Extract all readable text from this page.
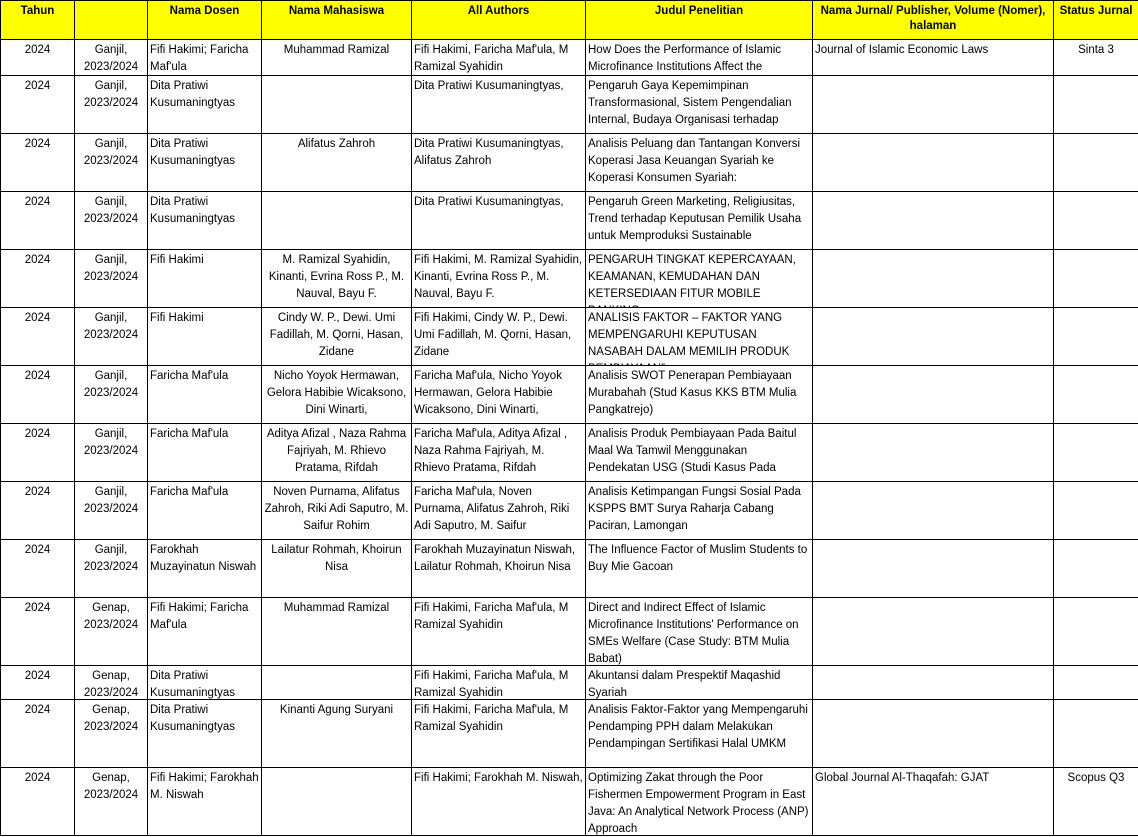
Tahun		Nama Dosen	Nama Mahasiswa	All Authors	Judul Penelitian	Nama Jurnal/ Publisher, Volume (Nomer), halaman	Status Jurnal

2024	Ganjil, 2023/2024	Fifi Hakimi; Faricha Maf'ula	Muhammad Ramizal	Fifi Hakimi, Faricha Maf'ula, M Ramizal Syahidin	How Does the Performance of Islamic Microfinance Institutions Affect the	Journal of Islamic Economic Laws	Sinta 3

2024	Ganjil, 2023/2024	Dita Pratiwi Kusumaningtyas		Dita Pratiwi Kusumaningtyas,	Pengaruh Gaya Kepemimpinan Transformasional, Sistem Pengendalian Internal, Budaya Organisasi terhadap		

2024	Ganjil, 2023/2024	Dita Pratiwi Kusumaningtyas	Alifatus Zahroh	Dita Pratiwi Kusumaningtyas, Alifatus Zahroh	Analisis Peluang dan Tantangan Konversi Koperasi Jasa Keuangan Syariah ke Koperasi Konsumen Syariah:		

2024	Ganjil, 2023/2024	Dita Pratiwi Kusumaningtyas		Dita Pratiwi Kusumaningtyas,	Pengaruh Green Marketing, Religiusitas, Trend terhadap Keputusan Pemilik Usaha untuk Memproduksi Sustainable		

2024	Ganjil, 2023/2024	Fifi Hakimi	M. Ramizal Syahidin, Kinanti, Evrina Ross P., M. Nauval, Bayu F.	Fifi Hakimi, M. Ramizal Syahidin, Kinanti, Evrina Ross P., M. Nauval, Bayu F.	PENGARUH TINGKAT KEPERCAYAAN, KEAMANAN, KEMUDAHAN DAN KETERSEDIAAN FITUR MOBILE		

2024	Ganjil, 2023/2024	Fifi Hakimi	Cindy W. P., Dewi. Umi Fadillah, M. Qorni, Hasan, Zidane	Fifi Hakimi, Cindy W. P., Dewi. Umi Fadillah, M. Qorni, Hasan, Zidane	ANALISIS FAKTOR – FAKTOR YANG MEMPENGARUHI KEPUTUSAN NASABAH DALAM MEMILIH PRODUK		

2024	Ganjil, 2023/2024	Faricha Maf'ula	Nicho Yoyok Hermawan, Gelora Habibie Wicaksono, Dini Winarti,	Faricha Maf'ula, Nicho Yoyok Hermawan, Gelora Habibie Wicaksono, Dini Winarti,	Analisis SWOT Penerapan Pembiayaan Murabahah (Stud Kasus KKS BTM Mulia Pangkatrejo)		

2024	Ganjil, 2023/2024	Faricha Maf'ula	Aditya Afizal , Naza Rahma Fajriyah, M. Rhievo Pratama, Rifdah	Faricha Maf'ula, Aditya Afizal , Naza Rahma Fajriyah, M. Rhievo Pratama, Rifdah	Analisis Produk Pembiayaan Pada Baitul Maal Wa Tamwil Menggunakan Pendekatan USG (Studi Kasus Pada		

2024	Ganjil, 2023/2024	Faricha Maf'ula	Noven Purnama, Alifatus Zahroh, Riki Adi Saputro, M. Saifur Rohim	Faricha Maf'ula, Noven Purnama, Alifatus Zahroh, Riki Adi Saputro, M. Saifur	Analisis Ketimpangan Fungsi Sosial Pada KSPPS BMT Surya Raharja Cabang Paciran, Lamongan		

2024	Ganjil, 2023/2024	Farokhah Muzayinatun Niswah	Lailatur Rohmah, Khoirun Nisa	Farokhah Muzayinatun Niswah, Lailatur Rohmah, Khoirun Nisa	The Influence Factor of Muslim Students to Buy Mie Gacoan		

2024	Genap, 2023/2024	Fifi Hakimi; Faricha Maf'ula	Muhammad Ramizal	Fifi Hakimi, Faricha Maf'ula, M Ramizal Syahidin	Direct and Indirect Effect of Islamic Microfinance Institutions' Performance on SMEs Welfare (Case Study: BTM Mulia Babat)		

2024	Genap, 2023/2024	Dita Pratiwi Kusumaningtyas		Fifi Hakimi, Faricha Maf'ula, M Ramizal Syahidin	Akuntansi dalam Prespektif Maqashid Syariah		

2024	Genap, 2023/2024	Dita Pratiwi Kusumaningtyas	Kinanti Agung Suryani	Fifi Hakimi, Faricha Maf'ula, M Ramizal Syahidin	Analisis Faktor-Faktor yang Mempengaruhi Pendamping PPH dalam Melakukan Pendampingan Sertifikasi Halal UMKM		

2024	Genap, 2023/2024	Fifi Hakimi; Farokhah M. Niswah		Fifi Hakimi; Farokhah M. Niswah,	Optimizing Zakat through the Poor Fishermen Empowerment Program in East Java: An Analytical Network Process (ANP) Approach	Global Journal Al-Thaqafah: GJAT	Scopus Q3
